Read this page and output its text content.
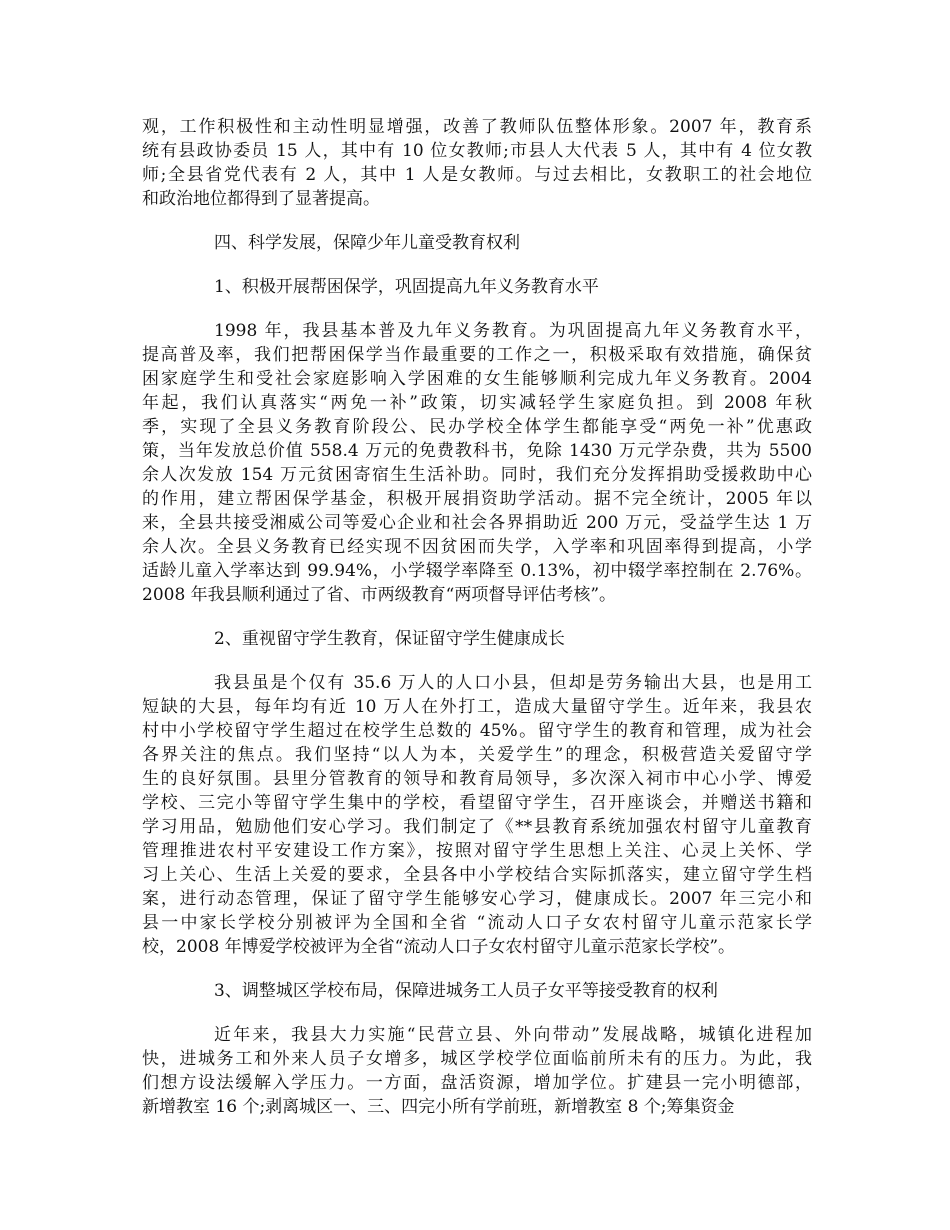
观，工作积极性和主动性明显增强，改善了教师队伍整体形象。2007 年，教育系
统有县政协委员 15 人，其中有 10 位女教师;市县人大代表 5 人，其中有 4 位女教
师;全县省党代表有 2 人，其中 1 人是女教师。与过去相比，女教职工的社会地位
和政治地位都得到了显著提高。
四、科学发展，保障少年儿童受教育权利
1、积极开展帮困保学，巩固提高九年义务教育水平
1998 年，我县基本普及九年义务教育。为巩固提高九年义务教育水平，
提高普及率，我们把帮困保学当作最重要的工作之一，积极采取有效措施，确保贫
困家庭学生和受社会家庭影响入学困难的女生能够顺利完成九年义务教育。2004
年起，我们认真落实“两免一补”政策，切实减轻学生家庭负担。到 2008 年秋
季，实现了全县义务教育阶段公、民办学校全体学生都能享受“两免一补”优惠政
策，当年发放总价值 558.4 万元的免费教科书，免除 1430 万元学杂费，共为 5500
余人次发放 154 万元贫困寄宿生生活补助。同时，我们充分发挥捐助受援救助中心
的作用，建立帮困保学基金，积极开展捐资助学活动。据不完全统计，2005 年以
来，全县共接受湘威公司等爱心企业和社会各界捐助近 200 万元，受益学生达 1 万
余人次。全县义务教育已经实现不因贫困而失学，入学率和巩固率得到提高，小学
适龄儿童入学率达到 99.94%，小学辍学率降至 0.13%，初中辍学率控制在 2.76%。
2008 年我县顺利通过了省、市两级教育“两项督导评估考核”。
2、重视留守学生教育，保证留守学生健康成长
我县虽是个仅有 35.6 万人的人口小县，但却是劳务输出大县，也是用工
短缺的大县，每年均有近 10 万人在外打工，造成大量留守学生。近年来，我县农
村中小学校留守学生超过在校学生总数的 45%。留守学生的教育和管理，成为社会
各界关注的焦点。我们坚持“以人为本，关爱学生”的理念，积极营造关爱留守学
生的良好氛围。县里分管教育的领导和教育局领导，多次深入祠市中心小学、博爱
学校、三完小等留守学生集中的学校，看望留守学生，召开座谈会，并赠送书籍和
学习用品，勉励他们安心学习。我们制定了《**县教育系统加强农村留守儿童教育
管理推进农村平安建设工作方案》，按照对留守学生思想上关注、心灵上关怀、学
习上关心、生活上关爱的要求，全县各中小学校结合实际抓落实，建立留守学生档
案，进行动态管理，保证了留守学生能够安心学习，健康成长。2007 年三完小和
县一中家长学校分别被评为全国和全省 “流动人口子女农村留守儿童示范家长学
校，2008 年博爱学校被评为全省“流动人口子女农村留守儿童示范家长学校”。
3、调整城区学校布局，保障进城务工人员子女平等接受教育的权利
近年来，我县大力实施“民营立县、外向带动”发展战略，城镇化进程加
快，进城务工和外来人员子女增多，城区学校学位面临前所未有的压力。为此，我
们想方设法缓解入学压力。一方面，盘活资源，增加学位。扩建县一完小明德部，
新增教室 16 个;剥离城区一、三、四完小所有学前班，新增教室 8 个;筹集资金
